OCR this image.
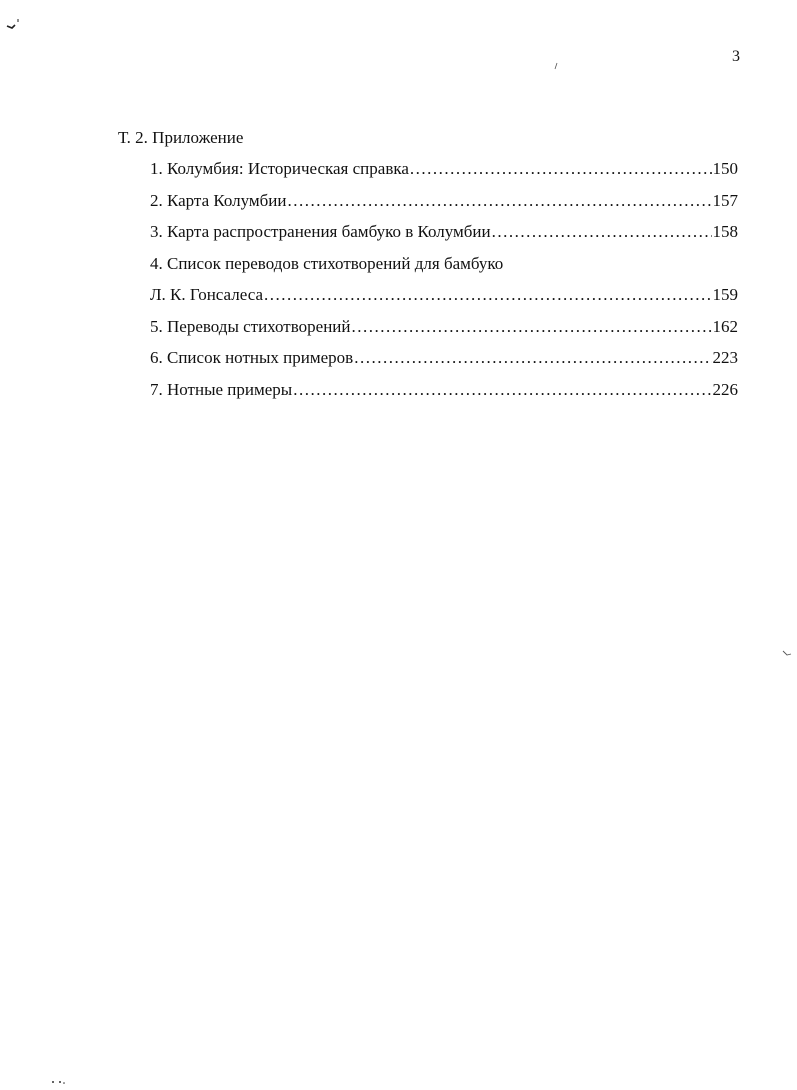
3
Т. 2. Приложение
1. Колумбия: Историческая справка .....	150
2. Карта Колумбии .....	157
3. Карта распространения бамбуко в Колумбии .....	158
4. Список переводов стихотворений для бамбуко
Л. К. Гонсалеса .....	159
5. Переводы стихотворений .....	162
6. Список нотных примеров .....	223
7. Нотные примеры .....	226
